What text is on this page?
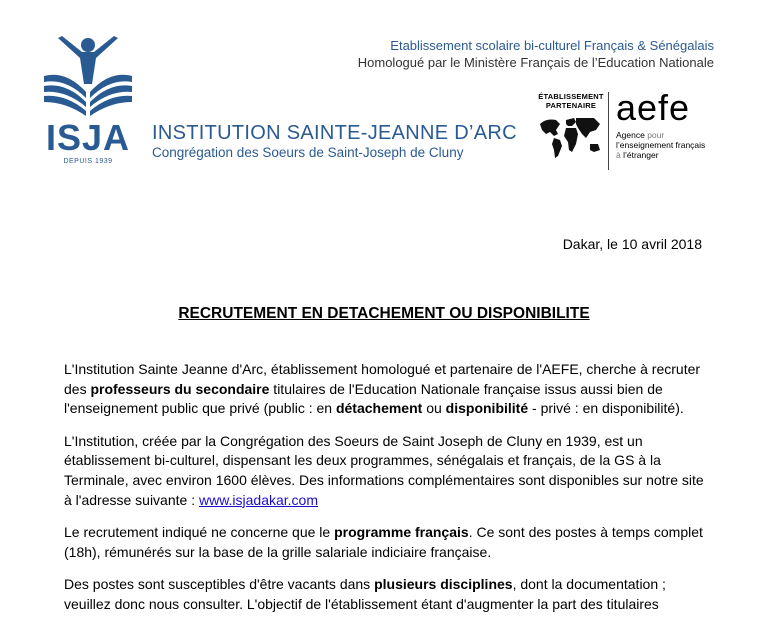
ISJA
DEPUIS 1939
INSTITUTION SAINTE-JEANNE D’ARC
Congrégation des Soeurs de Saint-Joseph de Cluny
Etablissement scolaire bi-culturel Français & Sénégalais
Homologué par le Ministère Français de l’Education Nationale
ÉTABLISSEMENT
PARTENAIRE aefe
Agence pour
l’enseignement français
à l’étranger
Dakar, le 10 avril 2018
RECRUTEMENT EN DETACHEMENT OU DISPONIBILITE

L'Institution Sainte Jeanne d'Arc, établissement homologué et partenaire de l'AEFE, cherche à recruter des professeurs du secondaire titulaires de l'Education Nationale française issus aussi bien de l'enseignement public que privé (public : en détachement ou disponibilité - privé : en disponibilité).

L'Institution, créée par la Congrégation des Soeurs de Saint Joseph de Cluny en 1939, est un établissement bi-culturel, dispensant les deux programmes, sénégalais et français, de la GS à la Terminale, avec environ 1600 élèves. Des informations complémentaires sont disponibles sur notre site à l'adresse suivante : www.isjadakar.com

Le recrutement indiqué ne concerne que le programme français. Ce sont des postes à temps complet (18h), rémunérés sur la base de la grille salariale indiciaire française.

Des postes sont susceptibles d'être vacants dans plusieurs disciplines, dont la documentation ; veuillez donc nous consulter. L'objectif de l'établissement étant d'augmenter la part des titulaires
